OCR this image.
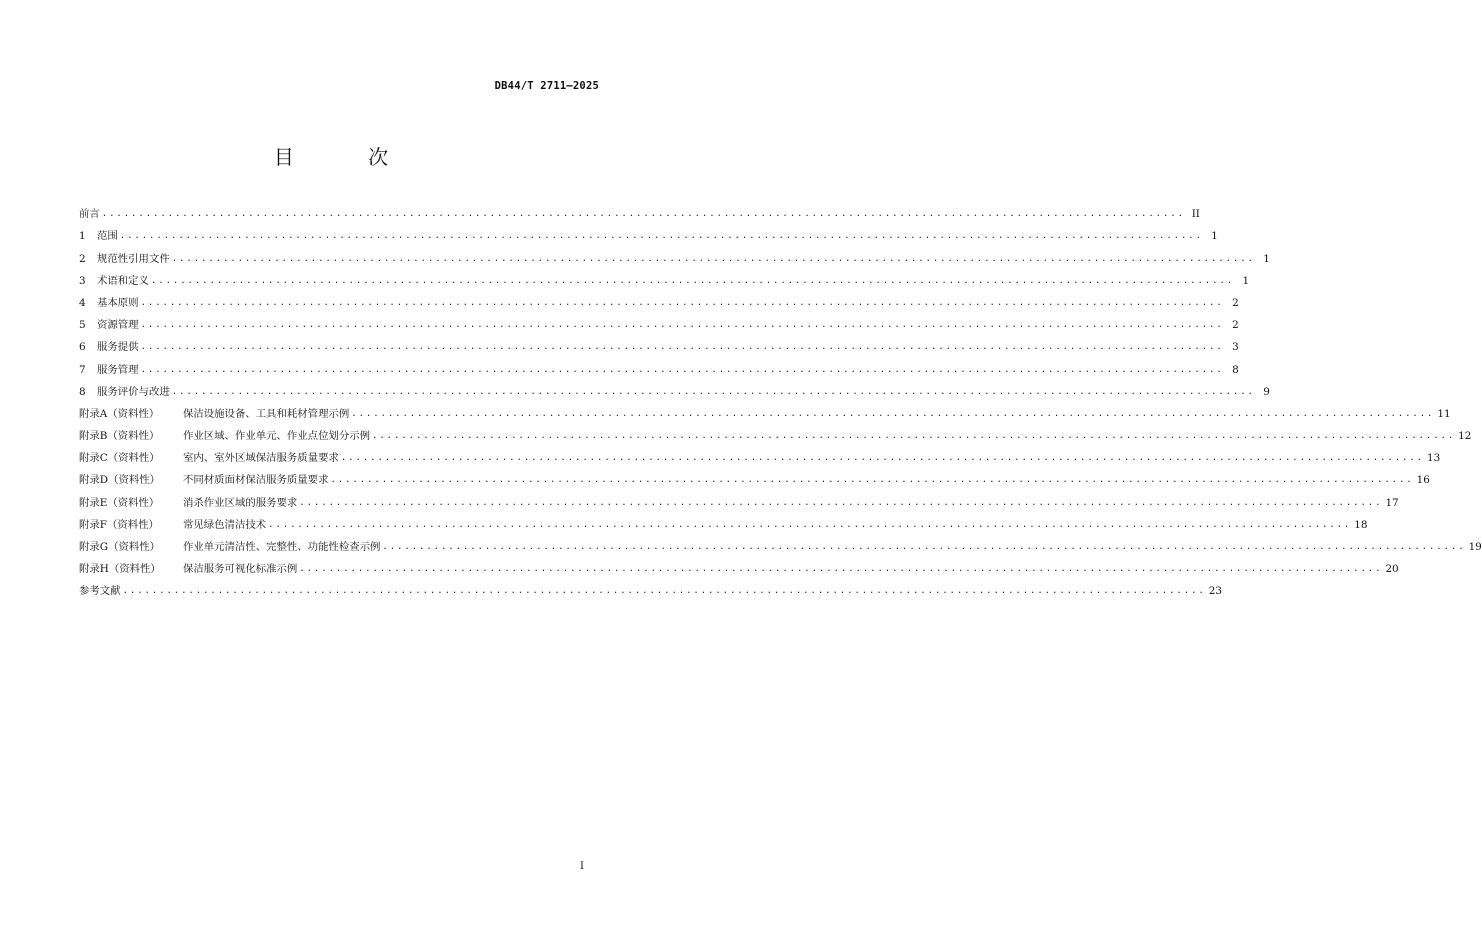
DB44/T 2711—2025
目 次
前言 .................................................................................................................................................... II
1 范围 .................................................................................................................................................... 1
2 规范性引用文件 .................................................................................................................................................... 1
3 术语和定义 .................................................................................................................................................... 1
4 基本原则 .................................................................................................................................................... 2
5 资源管理 .................................................................................................................................................... 2
6 服务提供 .................................................................................................................................................... 3
7 服务管理 .................................................................................................................................................... 8
8 服务评价与改进 .................................................................................................................................................... 9
附录A（资料性） 保洁设施设备、工具和耗材管理示例 .................................................................................................................................................... 11
附录B（资料性） 作业区域、作业单元、作业点位划分示例 .................................................................................................................................................... 12
附录C（资料性） 室内、室外区域保洁服务质量要求 .................................................................................................................................................... 13
附录D（资料性） 不同材质面材保洁服务质量要求 .................................................................................................................................................... 16
附录E（资料性） 消杀作业区域的服务要求 .................................................................................................................................................... 17
附录F（资料性） 常见绿色清洁技术 .................................................................................................................................................... 18
附录G（资料性） 作业单元清洁性、完整性、功能性检查示例 .................................................................................................................................................... 19
附录H（资料性） 保洁服务可视化标准示例 .................................................................................................................................................... 20
参考文献 .................................................................................................................................................... 23
I
